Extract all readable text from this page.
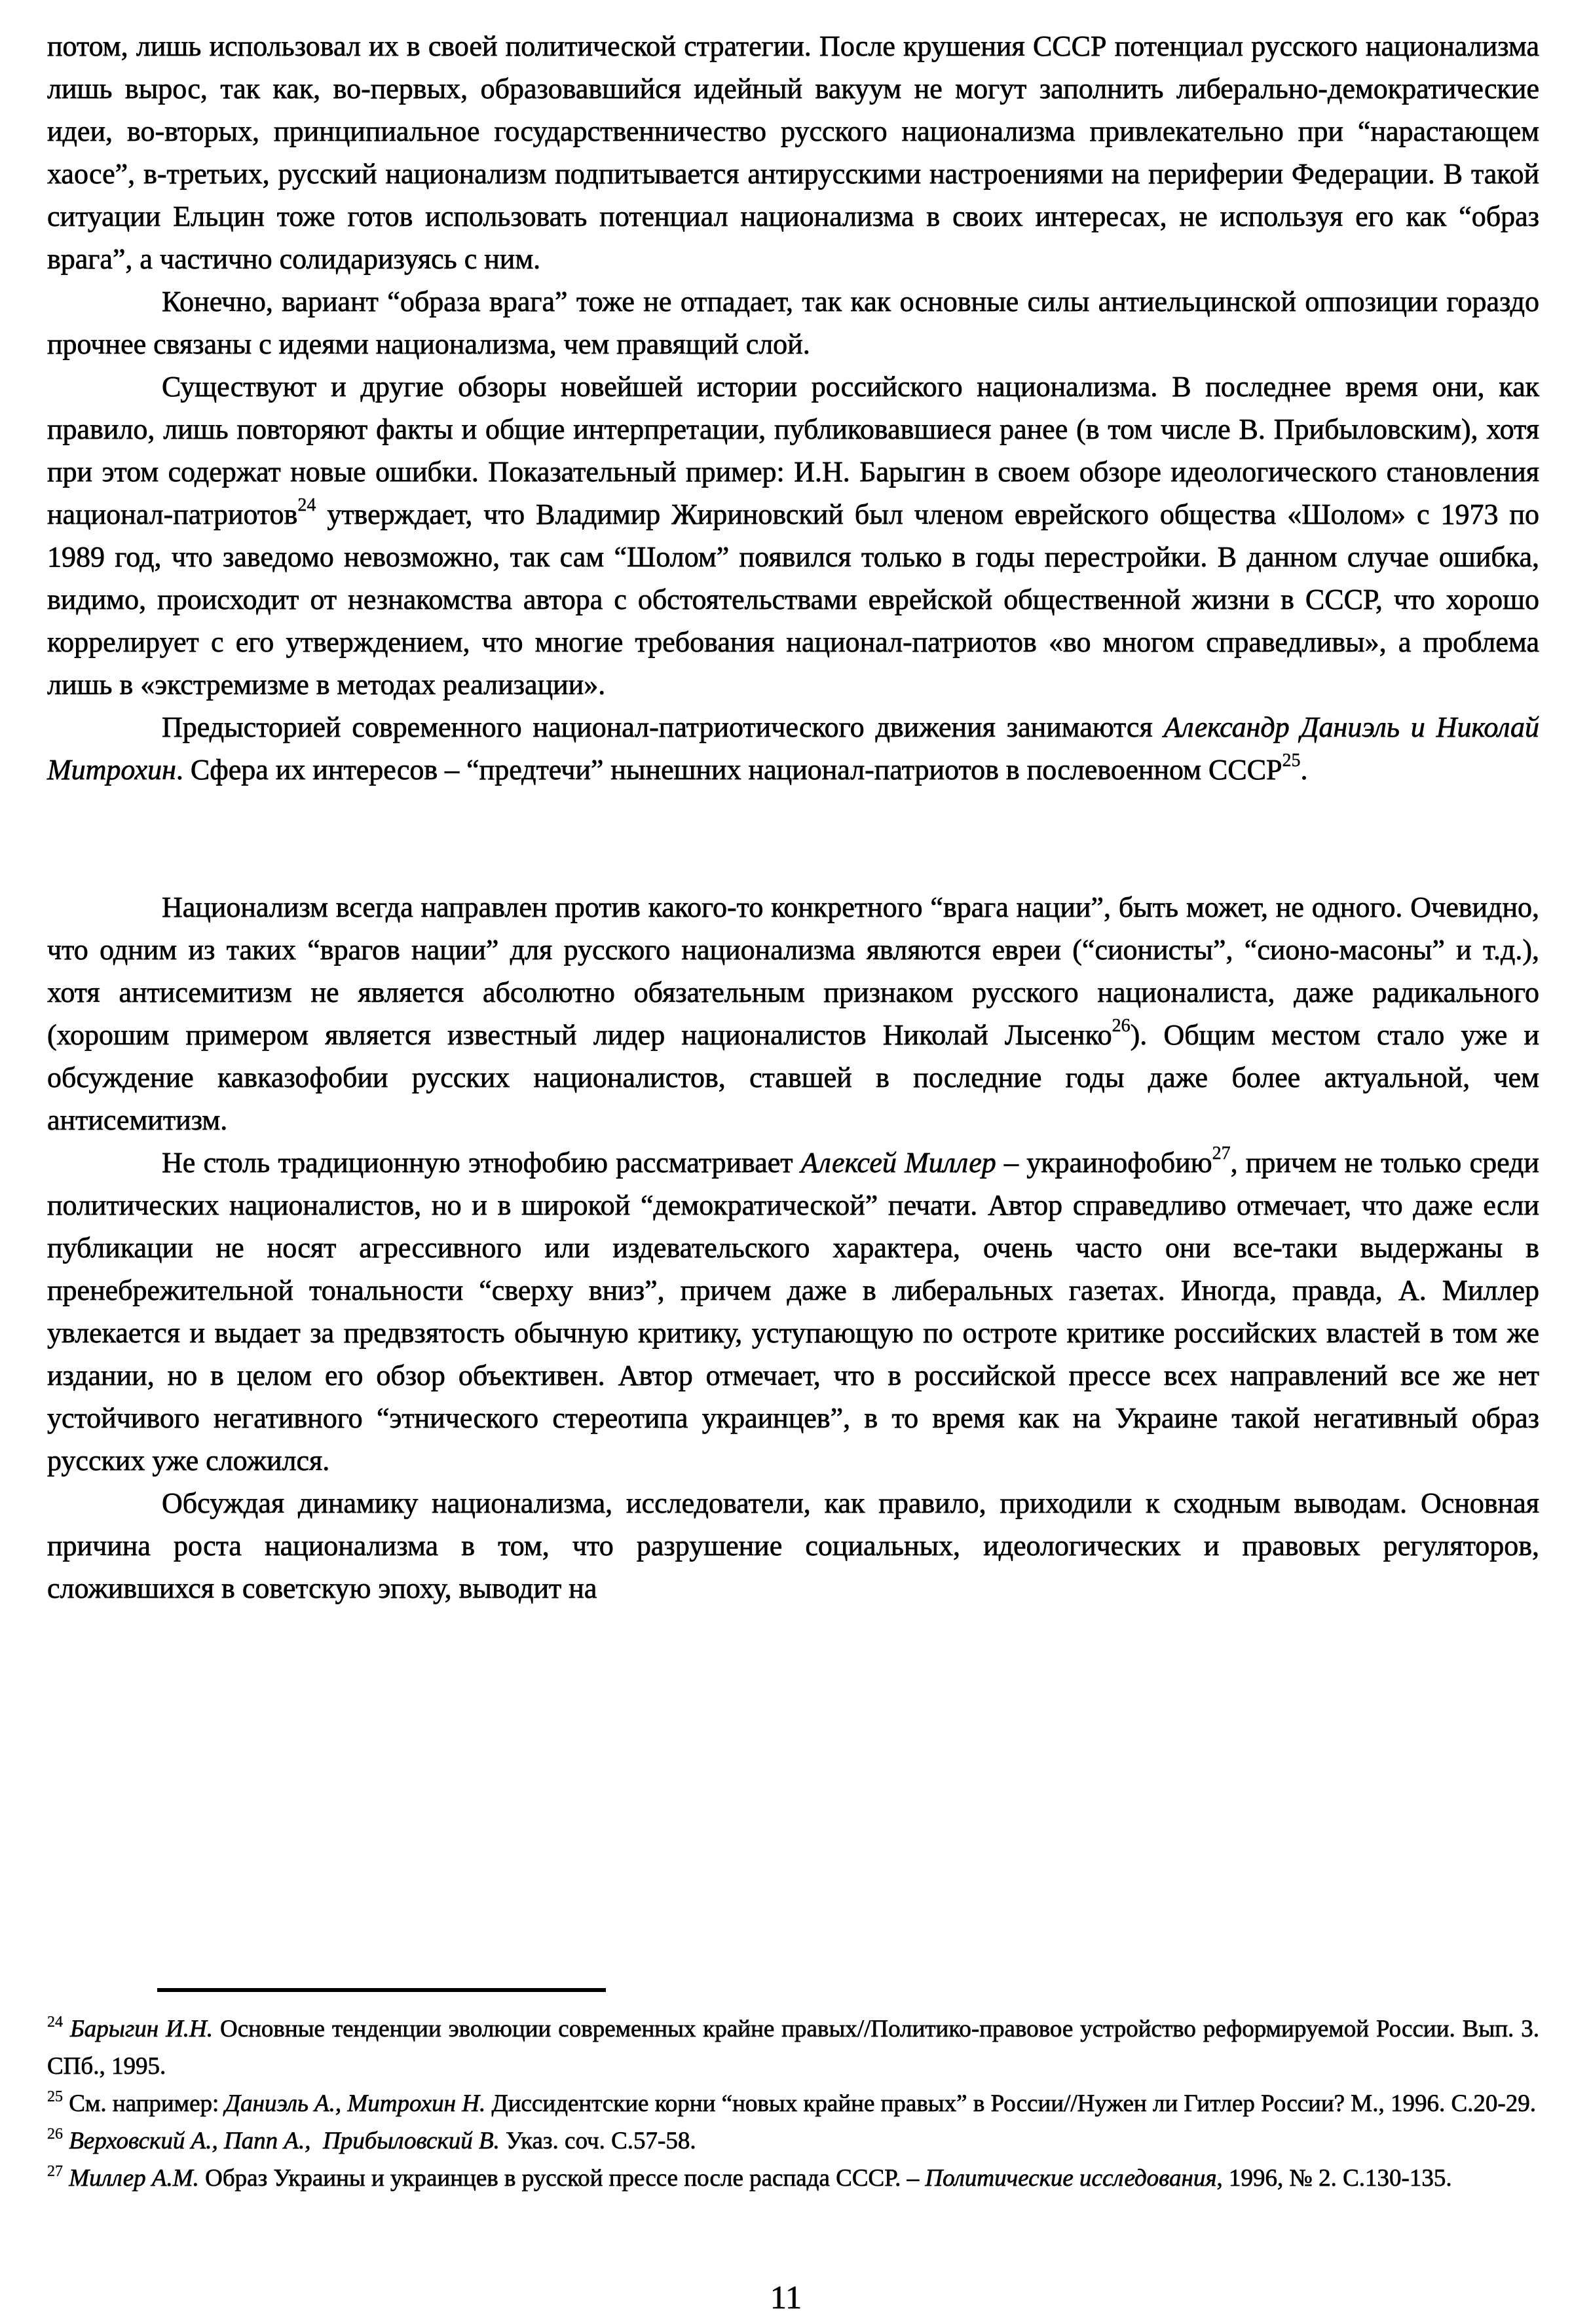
потом, лишь использовал их в своей политической стратегии. После крушения СССР потенциал русского национализма лишь вырос, так как, во-первых, образовавшийся идейный вакуум не могут заполнить либерально-демократические идеи, во-вторых, принципиальное государственничество русского национализма привлекательно при “нарастающем хаосе”, в-третьих, русский национализм подпитывается антирусскими настроениями на периферии Федерации. В такой ситуации Ельцин тоже готов использовать потенциал национализма в своих интересах, не используя его как “образ врага”, а частично солидаризуясь с ним.

Конечно, вариант “образа врага” тоже не отпадает, так как основные силы антиельцинской оппозиции гораздо прочнее связаны с идеями национализма, чем правящий слой.

Существуют и другие обзоры новейшей истории российского национализма. В последнее время они, как правило, лишь повторяют факты и общие интерпретации, публиковавшиеся ранее (в том числе В. Прибыловским), хотя при этом содержат новые ошибки. Показательный пример: И.Н. Барыгин в своем обзоре идеологического становления национал-патриотов$^{24}$ утверждает, что Владимир Жириновский был членом еврейского общества «Шолом» с 1973 по 1989 год, что заведомо невозможно, так сам “Шолом” появился только в годы перестройки. В данном случае ошибка, видимо, происходит от незнакомства автора с обстоятельствами еврейской общественной жизни в СССР, что хорошо коррелирует с его утверждением, что многие требования национал-патриотов «во многом справедливы», а проблема лишь в «экстремизме в методах реализации».

Предысторией современного национал-патриотического движения занимаются Александр Даниэль и Николай Митрохин. Сфера их интересов – “предтечи” нынешних национал-патриотов в послевоенном СССР$^{25}$.

Национализм всегда направлен против какого-то конкретного “врага нации”, быть может, не одного. Очевидно, что одним из таких “врагов нации” для русского национализма являются евреи (“сионисты”, “сионо-масоны” и т.д.), хотя антисемитизм не является абсолютно обязательным признаком русского националиста, даже радикального (хорошим примером является известный лидер националистов Николай Лысенко$^{26}$). Общим местом стало уже и обсуждение кавказофобии русских националистов, ставшей в последние годы даже более актуальной, чем антисемитизм.

Не столь традиционную этнофобию рассматривает Алексей Миллер – украинофобию$^{27}$, причем не только среди политических националистов, но и в широкой “демократической” печати. Автор справедливо отмечает, что даже если публикации не носят агрессивного или издевательского характера, очень часто они все-таки выдержаны в пренебрежительной тональности “сверху вниз”, причем даже в либеральных газетах. Иногда, правда, А. Миллер увлекается и выдает за предвзятость обычную критику, уступающую по остроте критике российских властей в том же издании, но в целом его обзор объективен. Автор отмечает, что в российской прессе всех направлений все же нет устойчивого негативного “этнического стереотипа украинцев”, в то время как на Украине такой негативный образ русских уже сложился.

Обсуждая динамику национализма, исследователи, как правило, приходили к сходным выводам. Основная причина роста национализма в том, что разрушение социальных, идеологических и правовых регуляторов, сложившихся в советскую эпоху, выводит на

$^{24}$ Барыгин И.Н. Основные тенденции эволюции современных крайне правых//Политико-правовое устройство реформируемой России. Вып. 3. СПб., 1995.

$^{25}$ См. например: Даниэль А., Митрохин Н. Диссидентские корни “новых крайне правых” в России//Нужен ли Гитлер России? М., 1996. С.20-29.

$^{26}$ Верховский А., Папп А.,  Прибыловский В. Указ. соч. С.57-58.

$^{27}$ Миллер А.М. Образ Украины и украинцев в русской прессе после распада СССР. – Политические исследования, 1996, № 2. С.130-135.

11
